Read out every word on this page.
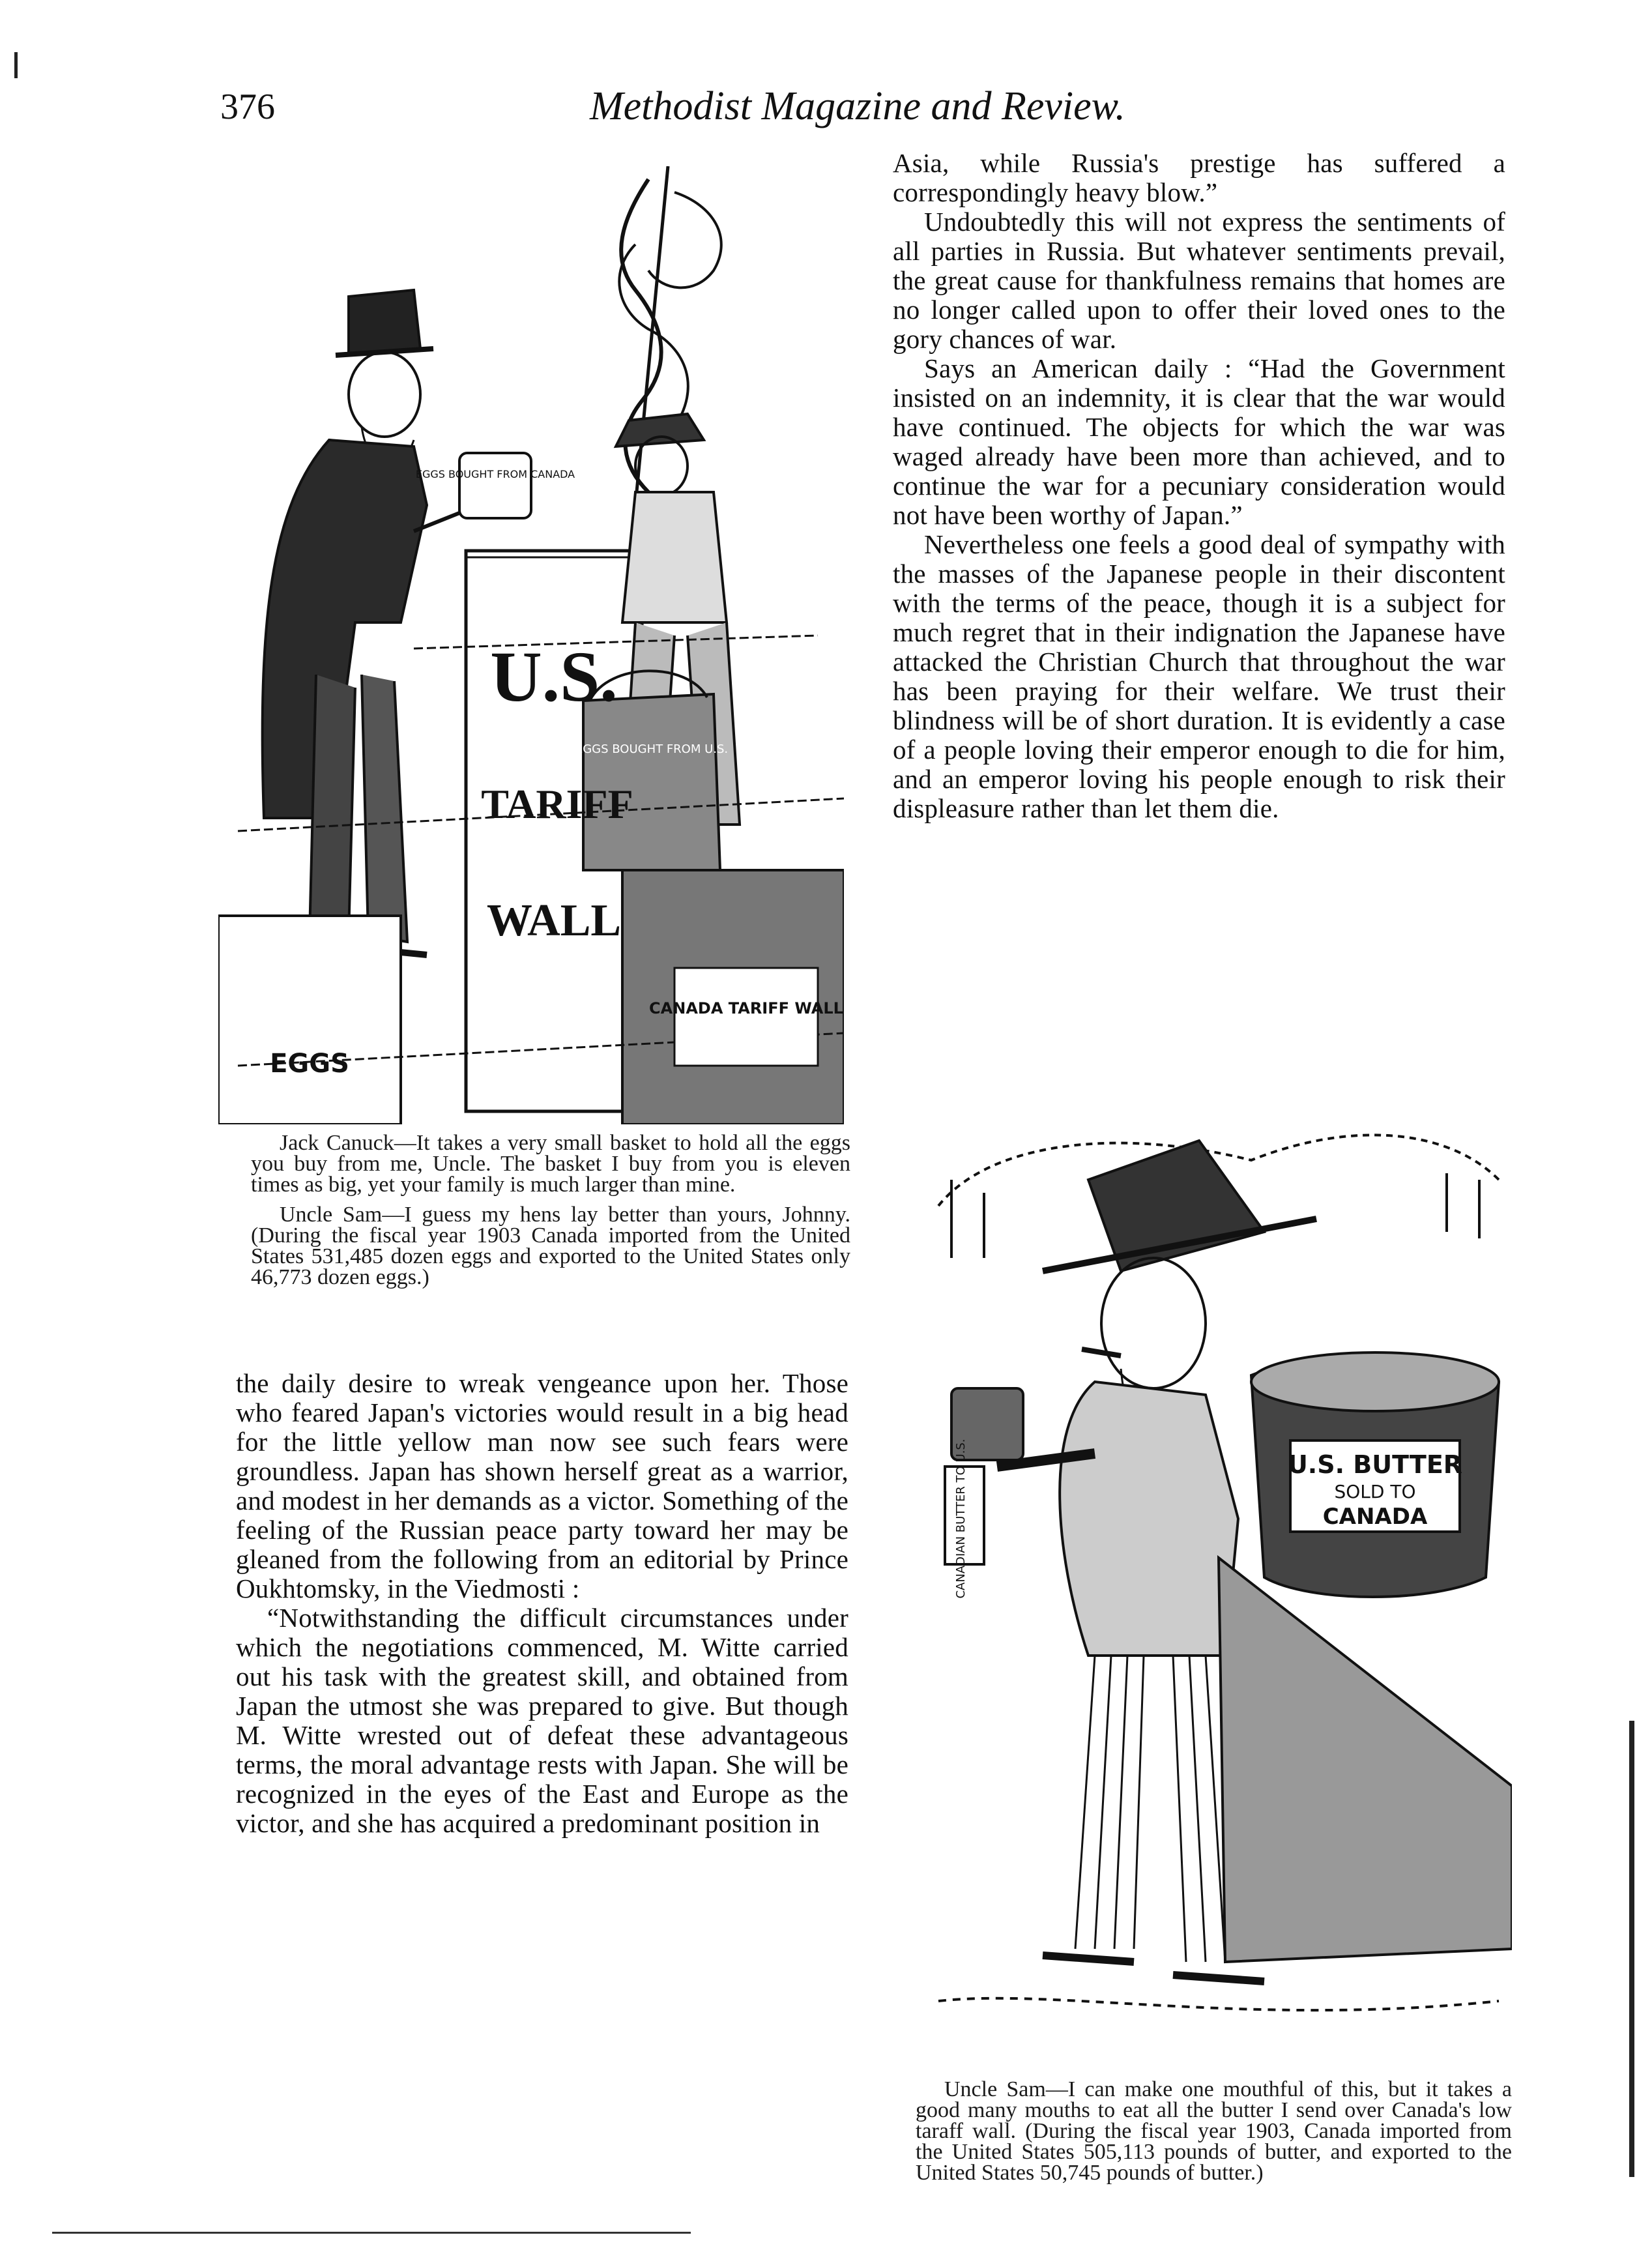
376	Methodist Magazine and Review.
EGGS BOUGHT FROM CANADA
EGGS BOUGHT FROM U.S.
U.S.
TARIFF
WALL
CANADA TARIFF WALL
EGGS

Jack Canuck—It takes a very small basket to hold all the eggs you buy from me, Uncle. The basket I buy from you is eleven times as big, yet your family is much larger than mine.

Uncle Sam—I guess my hens lay better than yours, Johnny. (During the fiscal year 1903 Canada imported from the United States 531,485 dozen eggs and exported to the United States only 46,773 dozen eggs.)

the daily desire to wreak vengeance upon her. Those who feared Japan's victories would result in a big head for the little yellow man now see such fears were groundless. Japan has shown herself great as a warrior, and modest in her demands as a victor. Something of the feeling of the Russian peace party toward her may be gleaned from the following from an editorial by Prince Oukhtomsky, in the Viedmosti :

“Notwithstanding the difficult circumstances under which the negotiations commenced, M. Witte carried out his task with the greatest skill, and obtained from Japan the utmost she was prepared to give. But though M. Witte wrested out of defeat these advantageous terms, the moral advantage rests with Japan. She will be recognized in the eyes of the East and Europe as the victor, and she has acquired a predominant position in

Asia, while Russia's prestige has suffered a correspondingly heavy blow.”

Undoubtedly this will not express the sentiments of all parties in Russia. But whatever sentiments prevail, the great cause for thankfulness remains that homes are no longer called upon to offer their loved ones to the gory chances of war.

Says an American daily : “Had the Government insisted on an indemnity, it is clear that the war would have continued. The objects for which the war was waged already have been more than achieved, and to continue the war for a pecuniary consideration would not have been worthy of Japan.”

Nevertheless one feels a good deal of sympathy with the masses of the Japanese people in their discontent with the terms of the peace, though it is a subject for much regret that in their indignation the Japanese have attacked the Christian Church that throughout the war has been praying for their welfare. We trust their blindness will be of short duration. It is evidently a case of a people loving their emperor enough to die for him, and an emperor loving his people enough to risk their displeasure rather than let them die.

CANADIAN BUTTER TO U.S.	U.S. BUTTER
SOLD TO
CANADA

Uncle Sam—I can make one mouthful of this, but it takes a good many mouths to eat all the butter I send over Canada's low taraff wall. (During the fiscal year 1903, Canada imported from the United States 505,113 pounds of butter, and exported to the United States 50,745 pounds of butter.)
